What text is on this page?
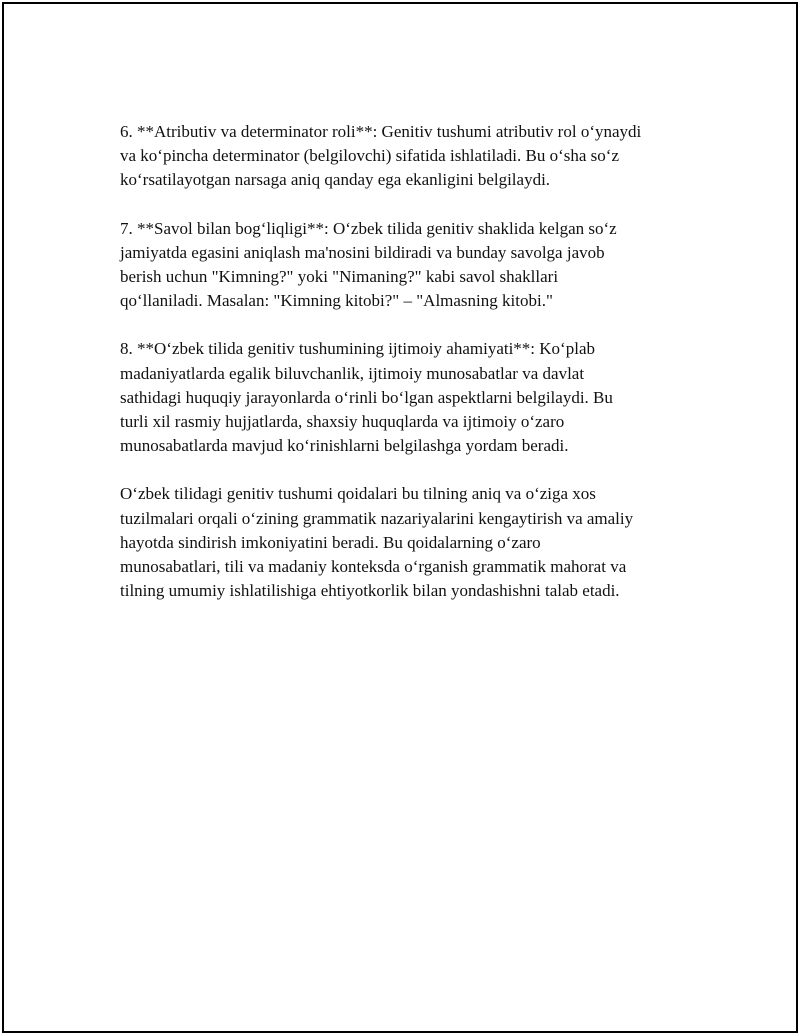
6. **Atributiv va determinator roli**: Genitiv tushumi atributiv rol o‘ynaydi
va ko‘pincha determinator (belgilovchi) sifatida ishlatiladi. Bu o‘sha so‘z
ko‘rsatilayotgan narsaga aniq qanday ega ekanligini belgilaydi.

7. **Savol bilan bog‘liqligi**: O‘zbek tilida genitiv shaklida kelgan so‘z
jamiyatda egasini aniqlash ma'nosini bildiradi va bunday savolga javob
berish uchun "Kimning?" yoki "Nimaning?" kabi savol shakllari
qo‘llaniladi. Masalan: "Kimning kitobi?" – "Almasning kitobi."

8. **O‘zbek tilida genitiv tushumining ijtimoiy ahamiyati**: Ko‘plab
madaniyatlarda egalik biluvchanlik, ijtimoiy munosabatlar va davlat
sathidagi huquqiy jarayonlarda o‘rinli bo‘lgan aspektlarni belgilaydi. Bu
turli xil rasmiy hujjatlarda, shaxsiy huquqlarda va ijtimoiy o‘zaro
munosabatlarda mavjud ko‘rinishlarni belgilashga yordam beradi.

O‘zbek tilidagi genitiv tushumi qoidalari bu tilning aniq va o‘ziga xos
tuzilmalari orqali o‘zining grammatik nazariyalarini kengaytirish va amaliy
hayotda sindirish imkoniyatini beradi. Bu qoidalarning o‘zaro
munosabatlari, tili va madaniy konteksda o‘rganish grammatik mahorat va
tilning umumiy ishlatilishiga ehtiyotkorlik bilan yondashishni talab etadi.
